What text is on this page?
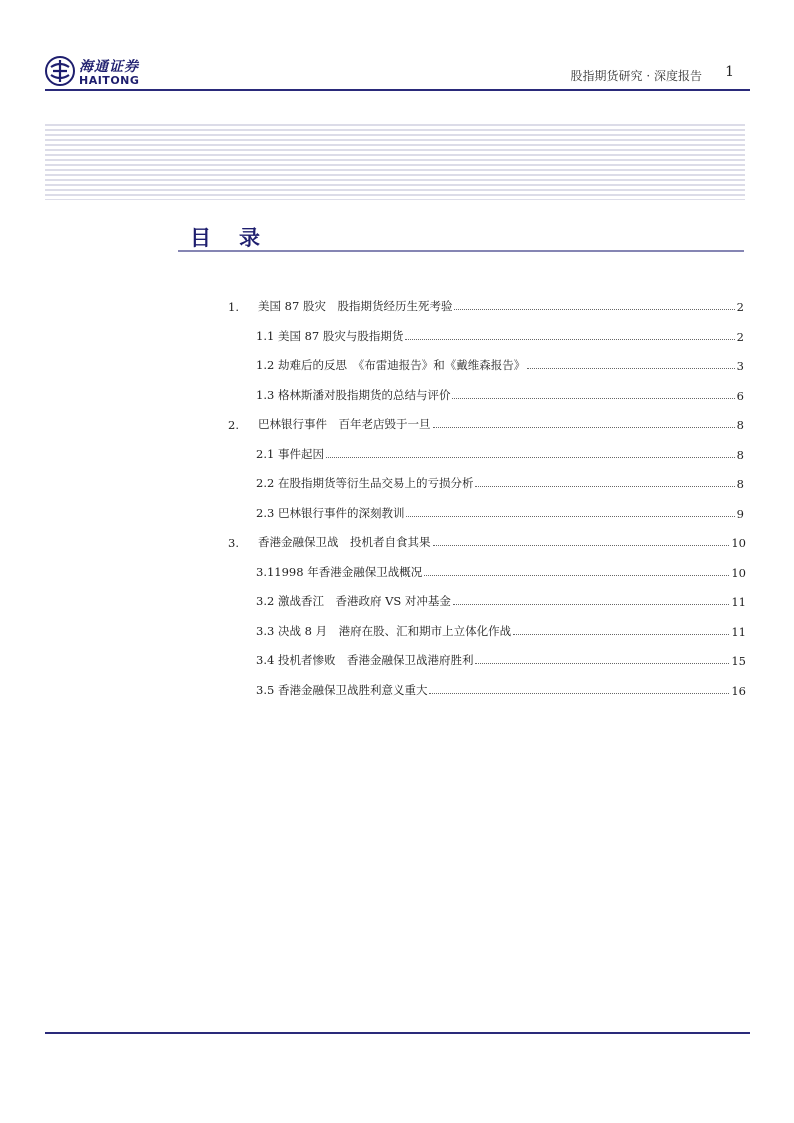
海通证券
HAITONG	股指期货研究 · 深度报告 1
目录
1.	美国 87 股灾　股指期货经历生死考验	2
1.1 美国 87 股灾与股指期货	2
1.2 劫难后的反思　《布雷迪报告》和《戴维森报告》	3
1.3 格林斯潘对股指期货的总结与评价	6
2.	巴林银行事件　百年老店毁于一旦	8
2.1 事件起因	8
2.2 在股指期货等衍生品交易上的亏损分析	8
2.3 巴林银行事件的深刻教训	9
3.	香港金融保卫战　投机者自食其果	10
3.11998 年香港金融保卫战概况	10
3.2 激战香江　香港政府 VS 对冲基金	11
3.3 决战 8 月　港府在股、汇和期市上立体化作战	11
3.4 投机者惨败　香港金融保卫战港府胜利	15
3.5 香港金融保卫战胜利意义重大	16
